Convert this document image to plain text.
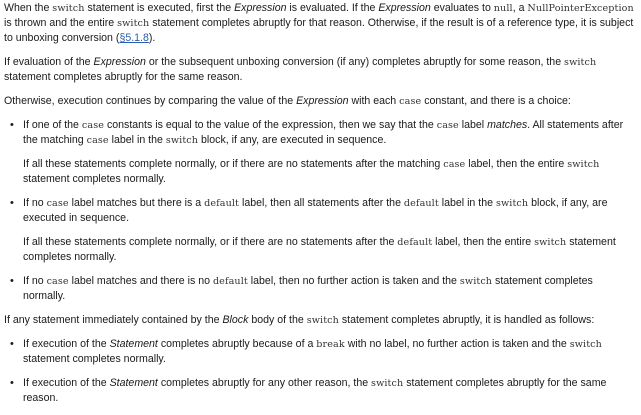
When the switch statement is executed, first the Expression is evaluated. If the Expression evaluates to null, a NullPointerException is thrown and the entire switch statement completes abruptly for that reason. Otherwise, if the result is of a reference type, it is subject to unboxing conversion (§5.1.8).

If evaluation of the Expression or the subsequent unboxing conversion (if any) completes abruptly for some reason, the switch statement completes abruptly for the same reason.

Otherwise, execution continues by comparing the value of the Expression with each case constant, and there is a choice:

• If one of the case constants is equal to the value of the expression, then we say that the case label matches. All statements after the matching case label in the switch block, if any, are executed in sequence.

If all these statements complete normally, or if there are no statements after the matching case label, then the entire switch statement completes normally.

• If no case label matches but there is a default label, then all statements after the default label in the switch block, if any, are executed in sequence.

If all these statements complete normally, or if there are no statements after the default label, then the entire switch statement completes normally.

• If no case label matches and there is no default label, then no further action is taken and the switch statement completes normally.

If any statement immediately contained by the Block body of the switch statement completes abruptly, it is handled as follows:

• If execution of the Statement completes abruptly because of a break with no label, no further action is taken and the switch statement completes normally.

• If execution of the Statement completes abruptly for any other reason, the switch statement completes abruptly for the same reason.
